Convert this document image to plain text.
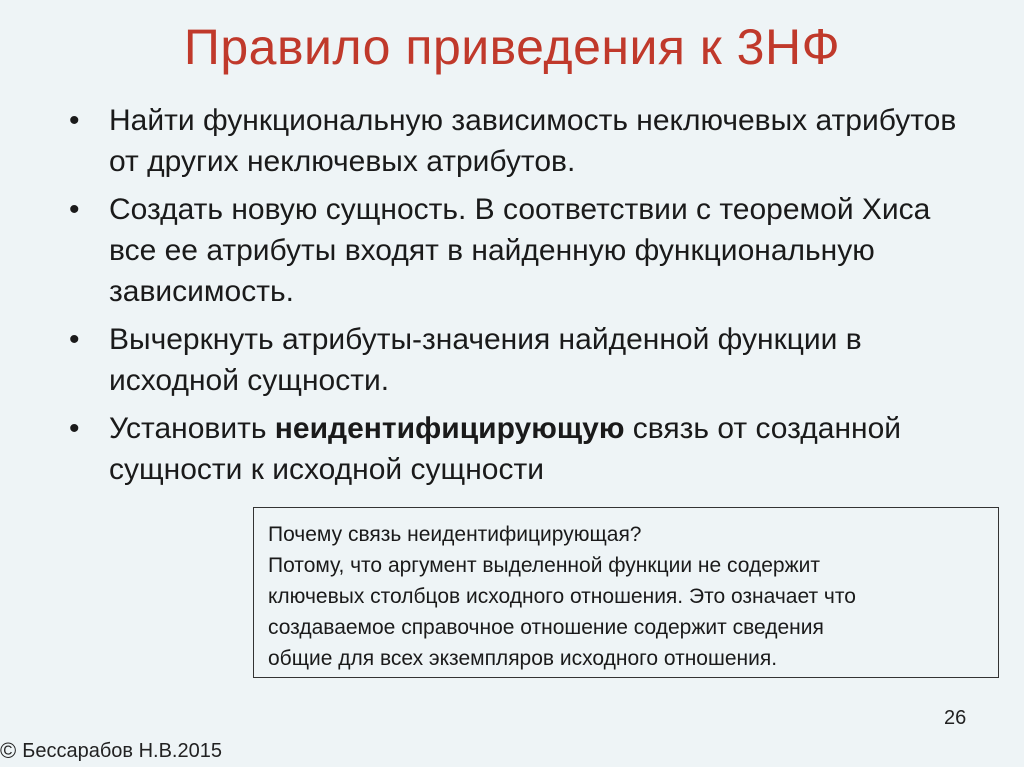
Правило приведения к 3НФ
• Найти функциональную зависимость неключевых атрибутов от других неключевых атрибутов.
• Создать новую сущность. В соответствии с теоремой Хиса все ее атрибуты входят в найденную функциональную зависимость.
• Вычеркнуть атрибуты-значения найденной функции в исходной сущности.
• Установить неидентифицирующую связь от созданной сущности к исходной сущности
Почему связь неидентифицирующая?
Потому, что аргумент выделенной функции не содержит
ключевых столбцов исходного отношения. Это означает что
создаваемое справочное отношение содержит сведения
общие для всех экземпляров исходного отношения.
26
© Бессарабов Н.В.2015
